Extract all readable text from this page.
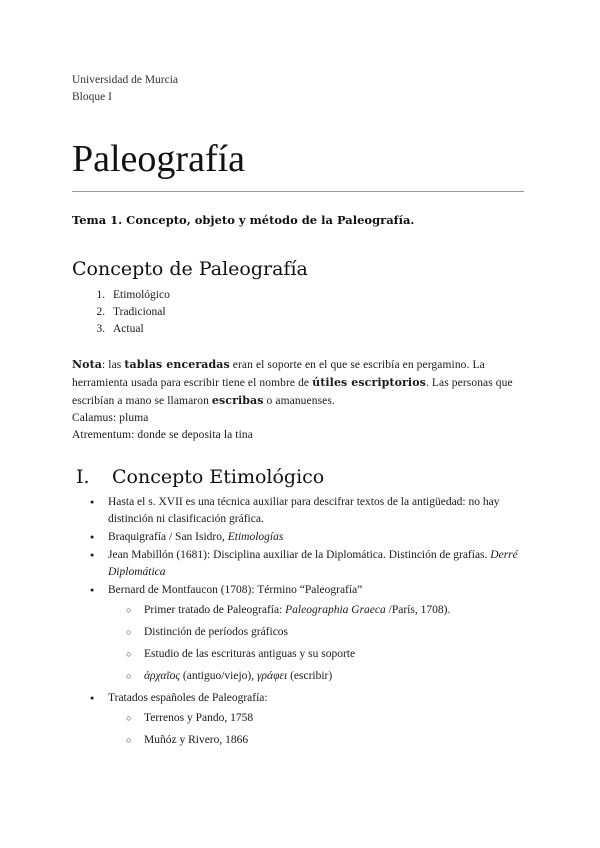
Universidad de Murcia
Bloque I
Paleografía
Tema 1. Concepto, objeto y método de la Paleografía.
Concepto de Paleografía
1. Etimológico
2. Tradicional
3. Actual
Nota: las tablas enceradas eran el soporte en el que se escribía en pergamino. La herramienta usada para escribir tiene el nombre de útiles escriptorios. Las personas que escribían a mano se llamaron escribas o amanuenses.
Calamus: pluma
Atrementum: donde se deposita la tina
I.	Concepto Etimológico
● Hasta el s. XVII es una técnica auxiliar para descifrar textos de la antigüedad: no hay distinción ni clasificación gráfica.
● Braquigrafía / San Isidro, Etimologías
● Jean Mabillón (1681): Disciplina auxiliar de la Diplomática. Distinción de grafías. Derré Diplomática
● Bernard de Montfaucon (1708): Término “Paleografía”
○ Primer tratado de Paleografía: Paleographia Graeca /París, 1708).
○ Distinción de períodos gráficos
○ Estudio de las escrituras antiguas y su soporte
○ ἀρχαῖος (antiguo/viejo), γράφει (escribir)
● Tratados españoles de Paleografía:
○ Terrenos y Pando, 1758
○ Muñóz y Rivero, 1866
